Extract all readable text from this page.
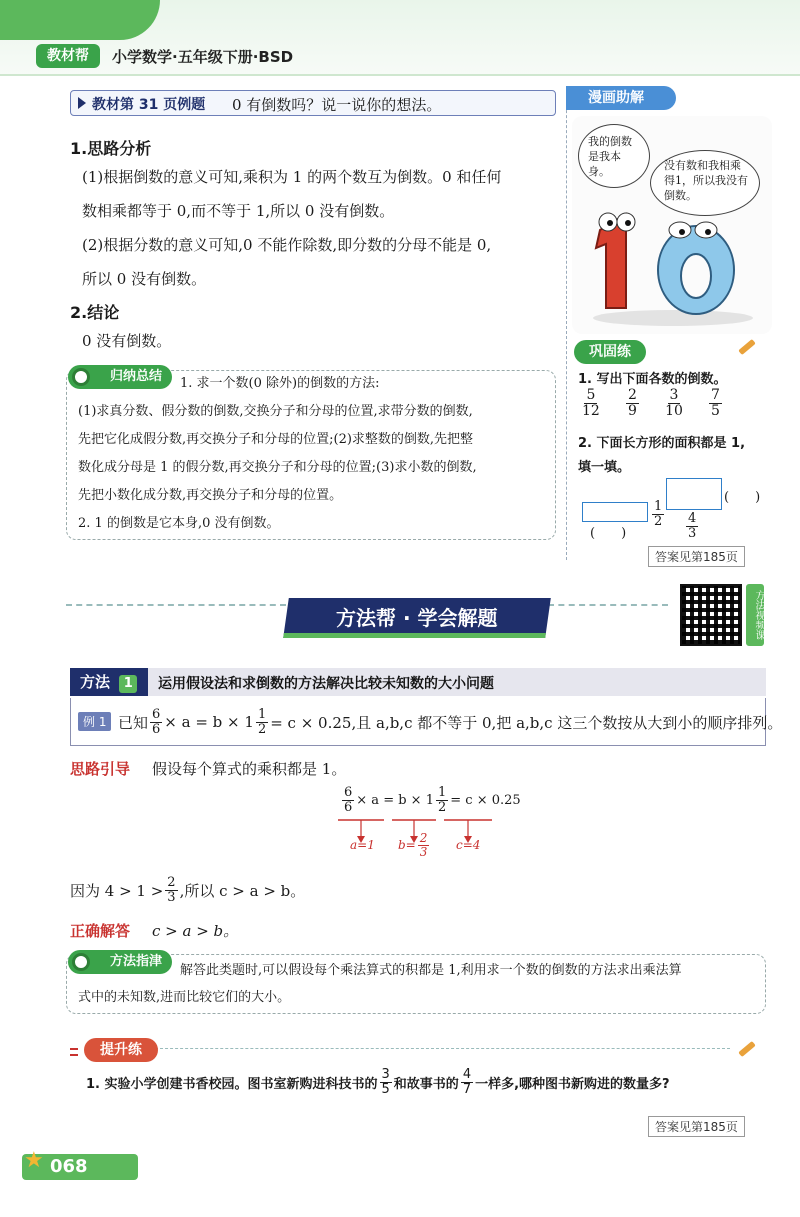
教材帮	小学数学·五年级下册·BSD
教材第 31 页例题 0 有倒数吗？说一说你的想法。
1.思路分析
(1)根据倒数的意义可知,乘积为 1 的两个数互为倒数。0 和任何
数相乘都等于 0,而不等于 1,所以 0 没有倒数。
(2)根据分数的意义可知,0 不能作除数,即分数的分母不能是 0,
所以 0 没有倒数。
2.结论
0 没有倒数。
归纳总结	1. 求一个数(0 除外)的倒数的方法:
(1)求真分数、假分数的倒数,交换分子和分母的位置,求带分数的倒数,
先把它化成假分数,再交换分子和分母的位置;(2)求整数的倒数,先把整
数化成分母是 1 的假分数,再交换分子和分母的位置;(3)求小数的倒数,
先把小数化成分数,再交换分子和分母的位置。
2. 1 的倒数是它本身,0 没有倒数。
漫画助解
我的倒数是我本身。	没有数和我相乘得1，所以我没有倒数。
巩固练
1. 写出下面各数的倒数。
$\frac{5}{12} \frac{2}{9} \frac{3}{10} \frac{7}{5}$
2. 下面长方形的面积都是 1,
填一填。
$\frac{1}{2}$
(　　)
(　　)
$\frac{4}{3}$
答案见第185页
方法帮 · 学会解题	方法视频课
方法 1	运用假设法和求倒数的方法解决比较未知数的大小问题
例 1 已知 $\frac{6}{6} \times a = b \times 1 \frac{1}{2} = c \times 0.25$,且 a,b,c 都不等于 0,把 a,b,c 这三个数按从大到小的顺序排列。
思路引导 假设每个算式的乘积都是 1。
$\frac{6}{6} \times a = b \times 1 \frac{1}{2} = c \times 0.25$
a=1 $b= \frac{2}{3} c=4$
因为 $4 > 1 > \frac{2}{3}$ ,所以 c > a > b。
正确解答 c > a > b。
方法指津
解答此类题时,可以假设每个乘法算式的积都是 1,利用求一个数的倒数的方法求出乘法算
式中的未知数,进而比较它们的大小。
提升练
1. 实验小学创建书香校园。图书室新购进科技书的 $\frac{3}{5}$ 和故事书的 $\frac{4}{7}$ 一样多,哪种图书新购进的数量多?
答案见第185页
★ 068
